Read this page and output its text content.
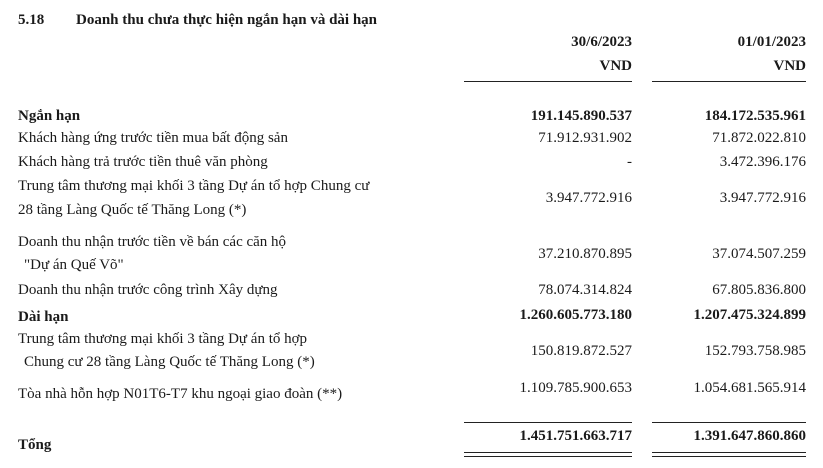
5.18 Doanh thu chưa thực hiện ngắn hạn và dài hạn
30/6/2023
VND
01/01/2023
VND
Ngắn hạn	191.145.890.537	184.172.535.961
Khách hàng ứng trước tiền mua bất động sản	71.912.931.902	71.872.022.810
Khách hàng trả trước tiền thuê văn phòng	-	3.472.396.176
Trung tâm thương mại khối 3 tầng Dự án tổ hợp Chung cư
28 tầng Làng Quốc tế Thăng Long (*)
3.947.772.916	3.947.772.916
Doanh thu nhận trước tiền về bán các căn hộ
"Dự án Quế Võ"
37.210.870.895	37.074.507.259
Doanh thu nhận trước công trình Xây dựng	78.074.314.824	67.805.836.800
Dài hạn	1.260.605.773.180	1.207.475.324.899
Trung tâm thương mại khối 3 tầng Dự án tổ hợp
Chung cư 28 tầng Làng Quốc tế Thăng Long (*)
150.819.872.527	152.793.758.985
Tòa nhà hỗn hợp N01T6-T7 khu ngoại giao đoàn (**)	1.109.785.900.653	1.054.681.565.914
Tổng
1.451.751.663.717	1.391.647.860.860
